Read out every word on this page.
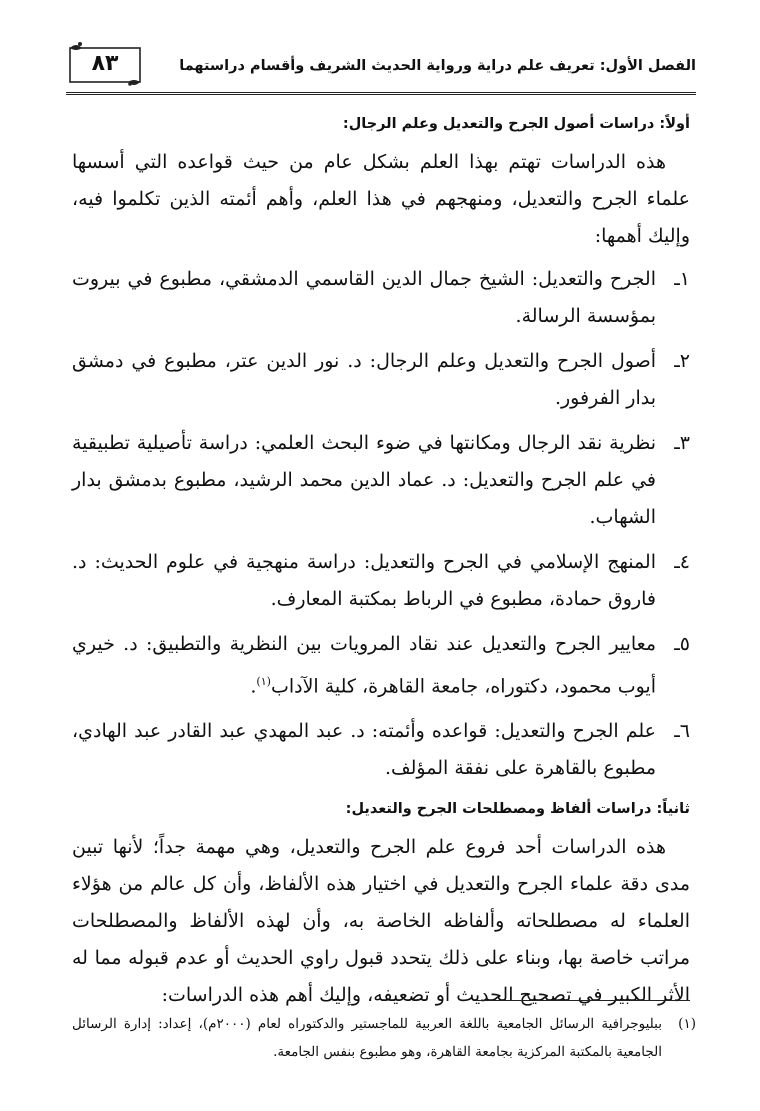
الفصل الأول: تعريف علم دراية ورواية الحديث الشريف وأقسام دراستهما
٨٣

أولاً: دراسات أصول الجرح والتعديل وعلم الرجال:

هذه الدراسات تهتم بهذا العلم بشكل عام من حيث قواعده التي أسسها علماء الجرح والتعديل، ومنهجهم في هذا العلم، وأهم أئمته الذين تكلموا فيه، وإليك أهمها:

١ـ
الجرح والتعديل: الشيخ جمال الدين القاسمي الدمشقي، مطبوع في بيروت بمؤسسة الرسالة.
٢ـ
أصول الجرح والتعديل وعلم الرجال: د. نور الدين عتر، مطبوع في دمشق بدار الفرفور.
٣ـ
نظرية نقد الرجال ومكانتها في ضوء البحث العلمي: دراسة تأصيلية تطبيقية في علم الجرح والتعديل: د. عماد الدين محمد الرشيد، مطبوع بدمشق بدار الشهاب.
٤ـ
المنهج الإسلامي في الجرح والتعديل: دراسة منهجية في علوم الحديث: د. فاروق حمادة، مطبوع في الرباط بمكتبة المعارف.
٥ـ
معايير الجرح والتعديل عند نقاد المرويات بين النظرية والتطبيق: د. خيري أيوب محمود، دكتوراه، جامعة القاهرة، كلية الآداب$^{(١)}$.
٦ـ
علم الجرح والتعديل: قواعده وأئمته: د. عبد المهدي عبد القادر عبد الهادي، مطبوع بالقاهرة على نفقة المؤلف.

ثانياً: دراسات ألفاظ ومصطلحات الجرح والتعديل:

هذه الدراسات أحد فروع علم الجرح والتعديل، وهي مهمة جداً؛ لأنها تبين مدى دقة علماء الجرح والتعديل في اختيار هذه الألفاظ، وأن كل عالم من هؤلاء العلماء له مصطلحاته وألفاظه الخاصة به، وأن لهذه الألفاظ والمصطلحات مراتب خاصة بها، وبناء على ذلك يتحدد قبول راوي الحديث أو عدم قبوله مما له الأثر الكبير في تصحيح الحديث أو تضعيفه، وإليك أهم هذه الدراسات:

(١)
ببليوجرافية الرسائل الجامعية باللغة العربية للماجستير والدكتوراه لعام (٢٠٠٠م)، إعداد: إدارة الرسائل الجامعية بالمكتبة المركزية بجامعة القاهرة، وهو مطبوع بنفس الجامعة.
